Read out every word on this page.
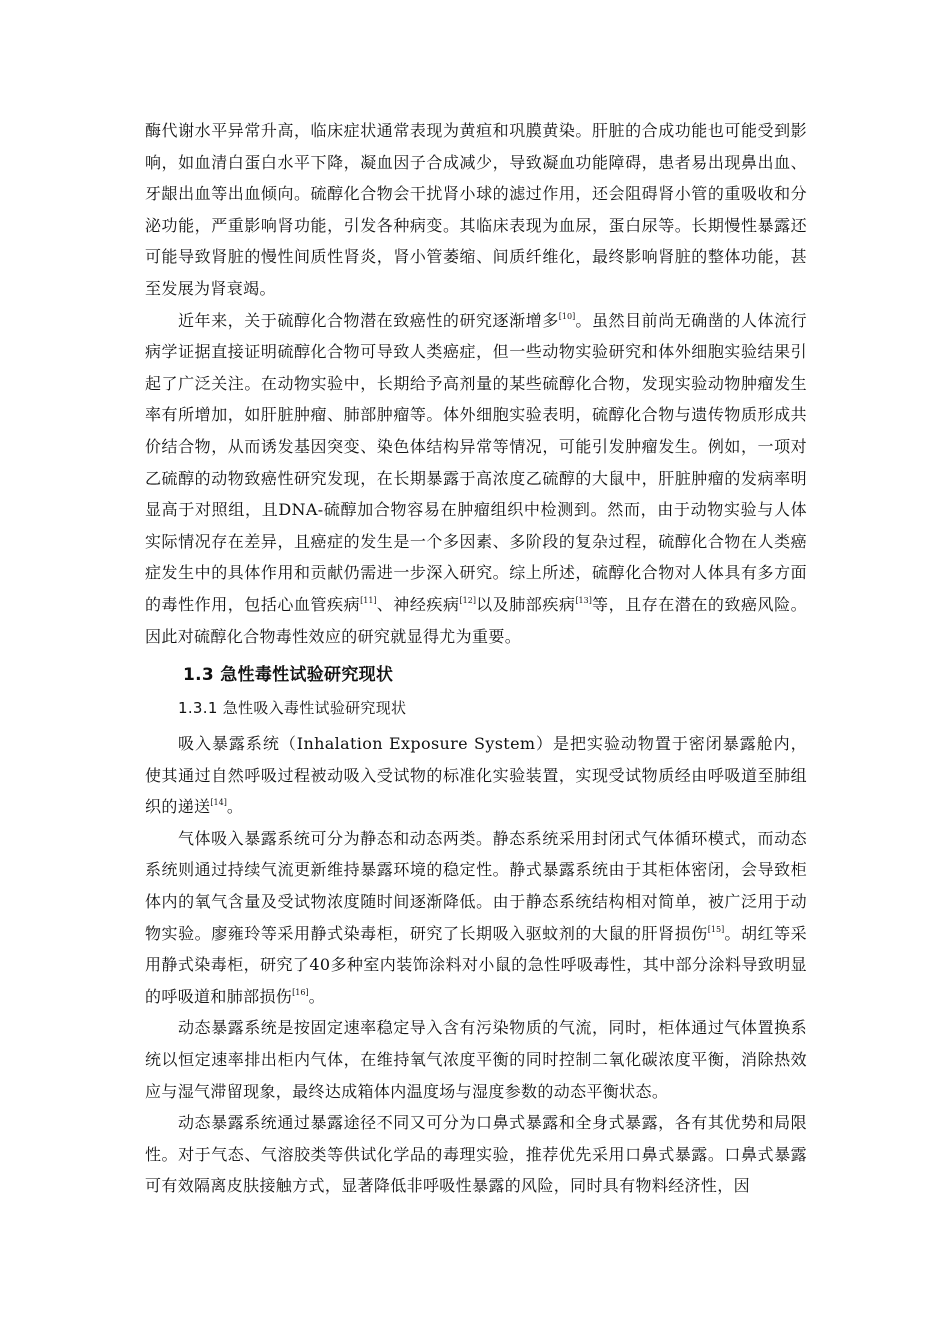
酶代谢水平异常升高，临床症状通常表现为黄疸和巩膜黄染。肝脏的合成功能也可能受到影响，如血清白蛋白水平下降，凝血因子合成减少，导致凝血功能障碍，患者易出现鼻出血、牙龈出血等出血倾向。硫醇化合物会干扰肾小球的滤过作用，还会阻碍肾小管的重吸收和分泌功能，严重影响肾功能，引发各种病变。其临床表现为血尿，蛋白尿等。长期慢性暴露还可能导致肾脏的慢性间质性肾炎，肾小管萎缩、间质纤维化，最终影响肾脏的整体功能，甚至发展为肾衰竭。

近年来，关于硫醇化合物潜在致癌性的研究逐渐增多[10]。虽然目前尚无确凿的人体流行病学证据直接证明硫醇化合物可导致人类癌症，但一些动物实验研究和体外细胞实验结果引起了广泛关注。在动物实验中，长期给予高剂量的某些硫醇化合物，发现实验动物肿瘤发生率有所增加，如肝脏肿瘤、肺部肿瘤等。体外细胞实验表明，硫醇化合物与遗传物质形成共价结合物，从而诱发基因突变、染色体结构异常等情况，可能引发肿瘤发生。例如，一项对乙硫醇的动物致癌性研究发现，在长期暴露于高浓度乙硫醇的大鼠中，肝脏肿瘤的发病率明显高于对照组，且DNA-硫醇加合物容易在肿瘤组织中检测到。然而，由于动物实验与人体实际情况存在差异，且癌症的发生是一个多因素、多阶段的复杂过程，硫醇化合物在人类癌症发生中的具体作用和贡献仍需进一步深入研究。综上所述，硫醇化合物对人体具有多方面的毒性作用，包括心血管疾病[11]、神经疾病[12]以及肺部疾病[13]等，且存在潜在的致癌风险。因此对硫醇化合物毒性效应的研究就显得尤为重要。

1.3 急性毒性试验研究现状
1.3.1 急性吸入毒性试验研究现状

吸入暴露系统（Inhalation Exposure System）是把实验动物置于密闭暴露舱内，使其通过自然呼吸过程被动吸入受试物的标准化实验装置，实现受试物质经由呼吸道至肺组织的递送[14]。

气体吸入暴露系统可分为静态和动态两类。静态系统采用封闭式气体循环模式，而动态系统则通过持续气流更新维持暴露环境的稳定性。静式暴露系统由于其柜体密闭，会导致柜体内的氧气含量及受试物浓度随时间逐渐降低。由于静态系统结构相对简单，被广泛用于动物实验。廖雍玲等采用静式染毒柜，研究了长期吸入驱蚊剂的大鼠的肝肾损伤[15]。胡红等采用静式染毒柜，研究了40多种室内装饰涂料对小鼠的急性呼吸毒性，其中部分涂料导致明显的呼吸道和肺部损伤[16]。

动态暴露系统是按固定速率稳定导入含有污染物质的气流，同时，柜体通过气体置换系统以恒定速率排出柜内气体，在维持氧气浓度平衡的同时控制二氧化碳浓度平衡，消除热效应与湿气滞留现象，最终达成箱体内温度场与湿度参数的动态平衡状态。

动态暴露系统通过暴露途径不同又可分为口鼻式暴露和全身式暴露，各有其优势和局限性。对于气态、气溶胶类等供试化学品的毒理实验，推荐优先采用口鼻式暴露。口鼻式暴露可有效隔离皮肤接触方式，显著降低非呼吸性暴露的风险，同时具有物料经济性，因
